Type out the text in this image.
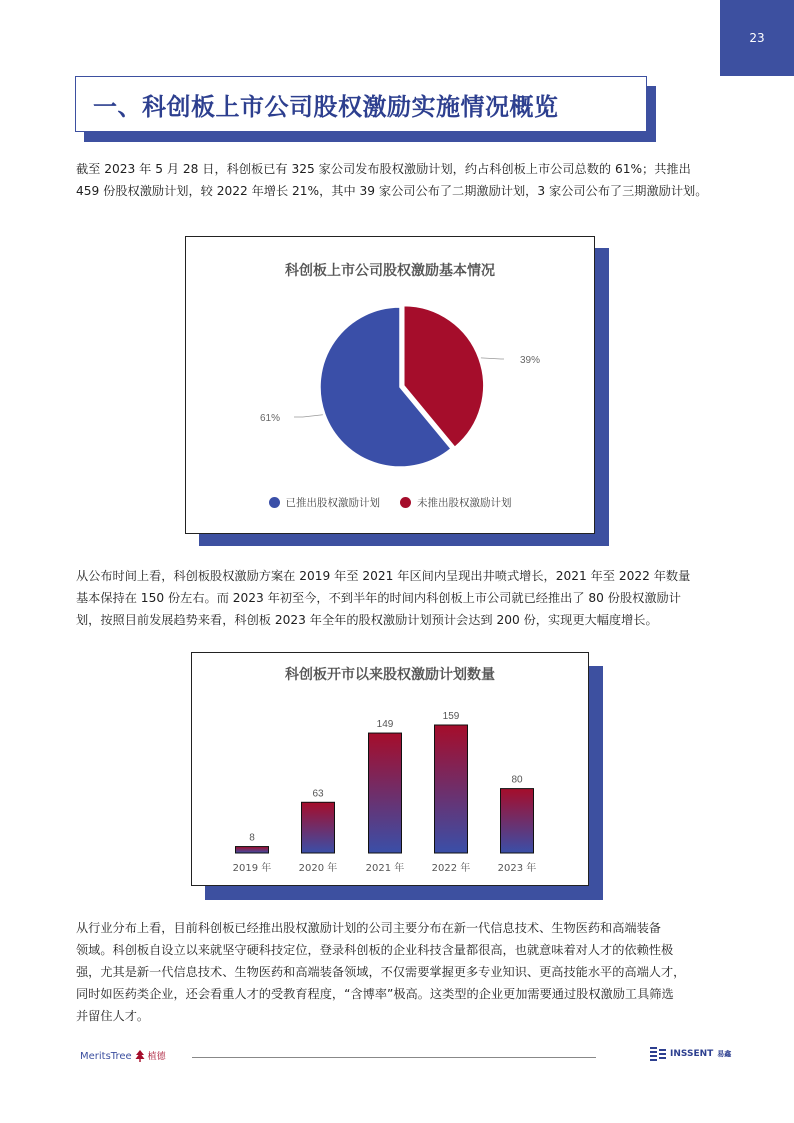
23
一、科创板上市公司股权激励实施情况概览

截至 2023 年 5 月 28 日，科创板已有 325 家公司发布股权激励计划，约占科创板上市公司总数的 61%；共推出

459 份股权激励计划，较 2022 年增长 21%，其中 39 家公司公布了二期激励计划，3 家公司公布了三期激励计划。

科创板上市公司股权激励基本情况
39%
61%
已推出股权激励计划	未推出股权激励计划

从公布时间上看，科创板股权激励方案在 2019 年至 2021 年区间内呈现出井喷式增长，2021 年至 2022 年数量

基本保持在 150 份左右。而 2023 年初至今，不到半年的时间内科创板上市公司就已经推出了 80 份股权激励计

划，按照目前发展趋势来看，科创板 2023 年全年的股权激励计划预计会达到 200 份，实现更大幅度增长。

科创板开市以来股权激励计划数量
8
2019 年
63
2020 年
149
2021 年
159
2022 年
80
2023 年

从行业分布上看，目前科创板已经推出股权激励计划的公司主要分布在新一代信息技术、生物医药和高端装备

领域。科创板自设立以来就坚守硬科技定位，登录科创板的企业科技含量都很高，也就意味着对人才的依赖性极

强，尤其是新一代信息技术、生物医药和高端装备领域，不仅需要掌握更多专业知识、更高技能水平的高端人才，

同时如医药类企业，还会看重人才的受教育程度，“含博率”极高。这类型的企业更加需要通过股权激励工具筛选

并留住人才。

MeritsTree 植德	INSSENT 易鑫
